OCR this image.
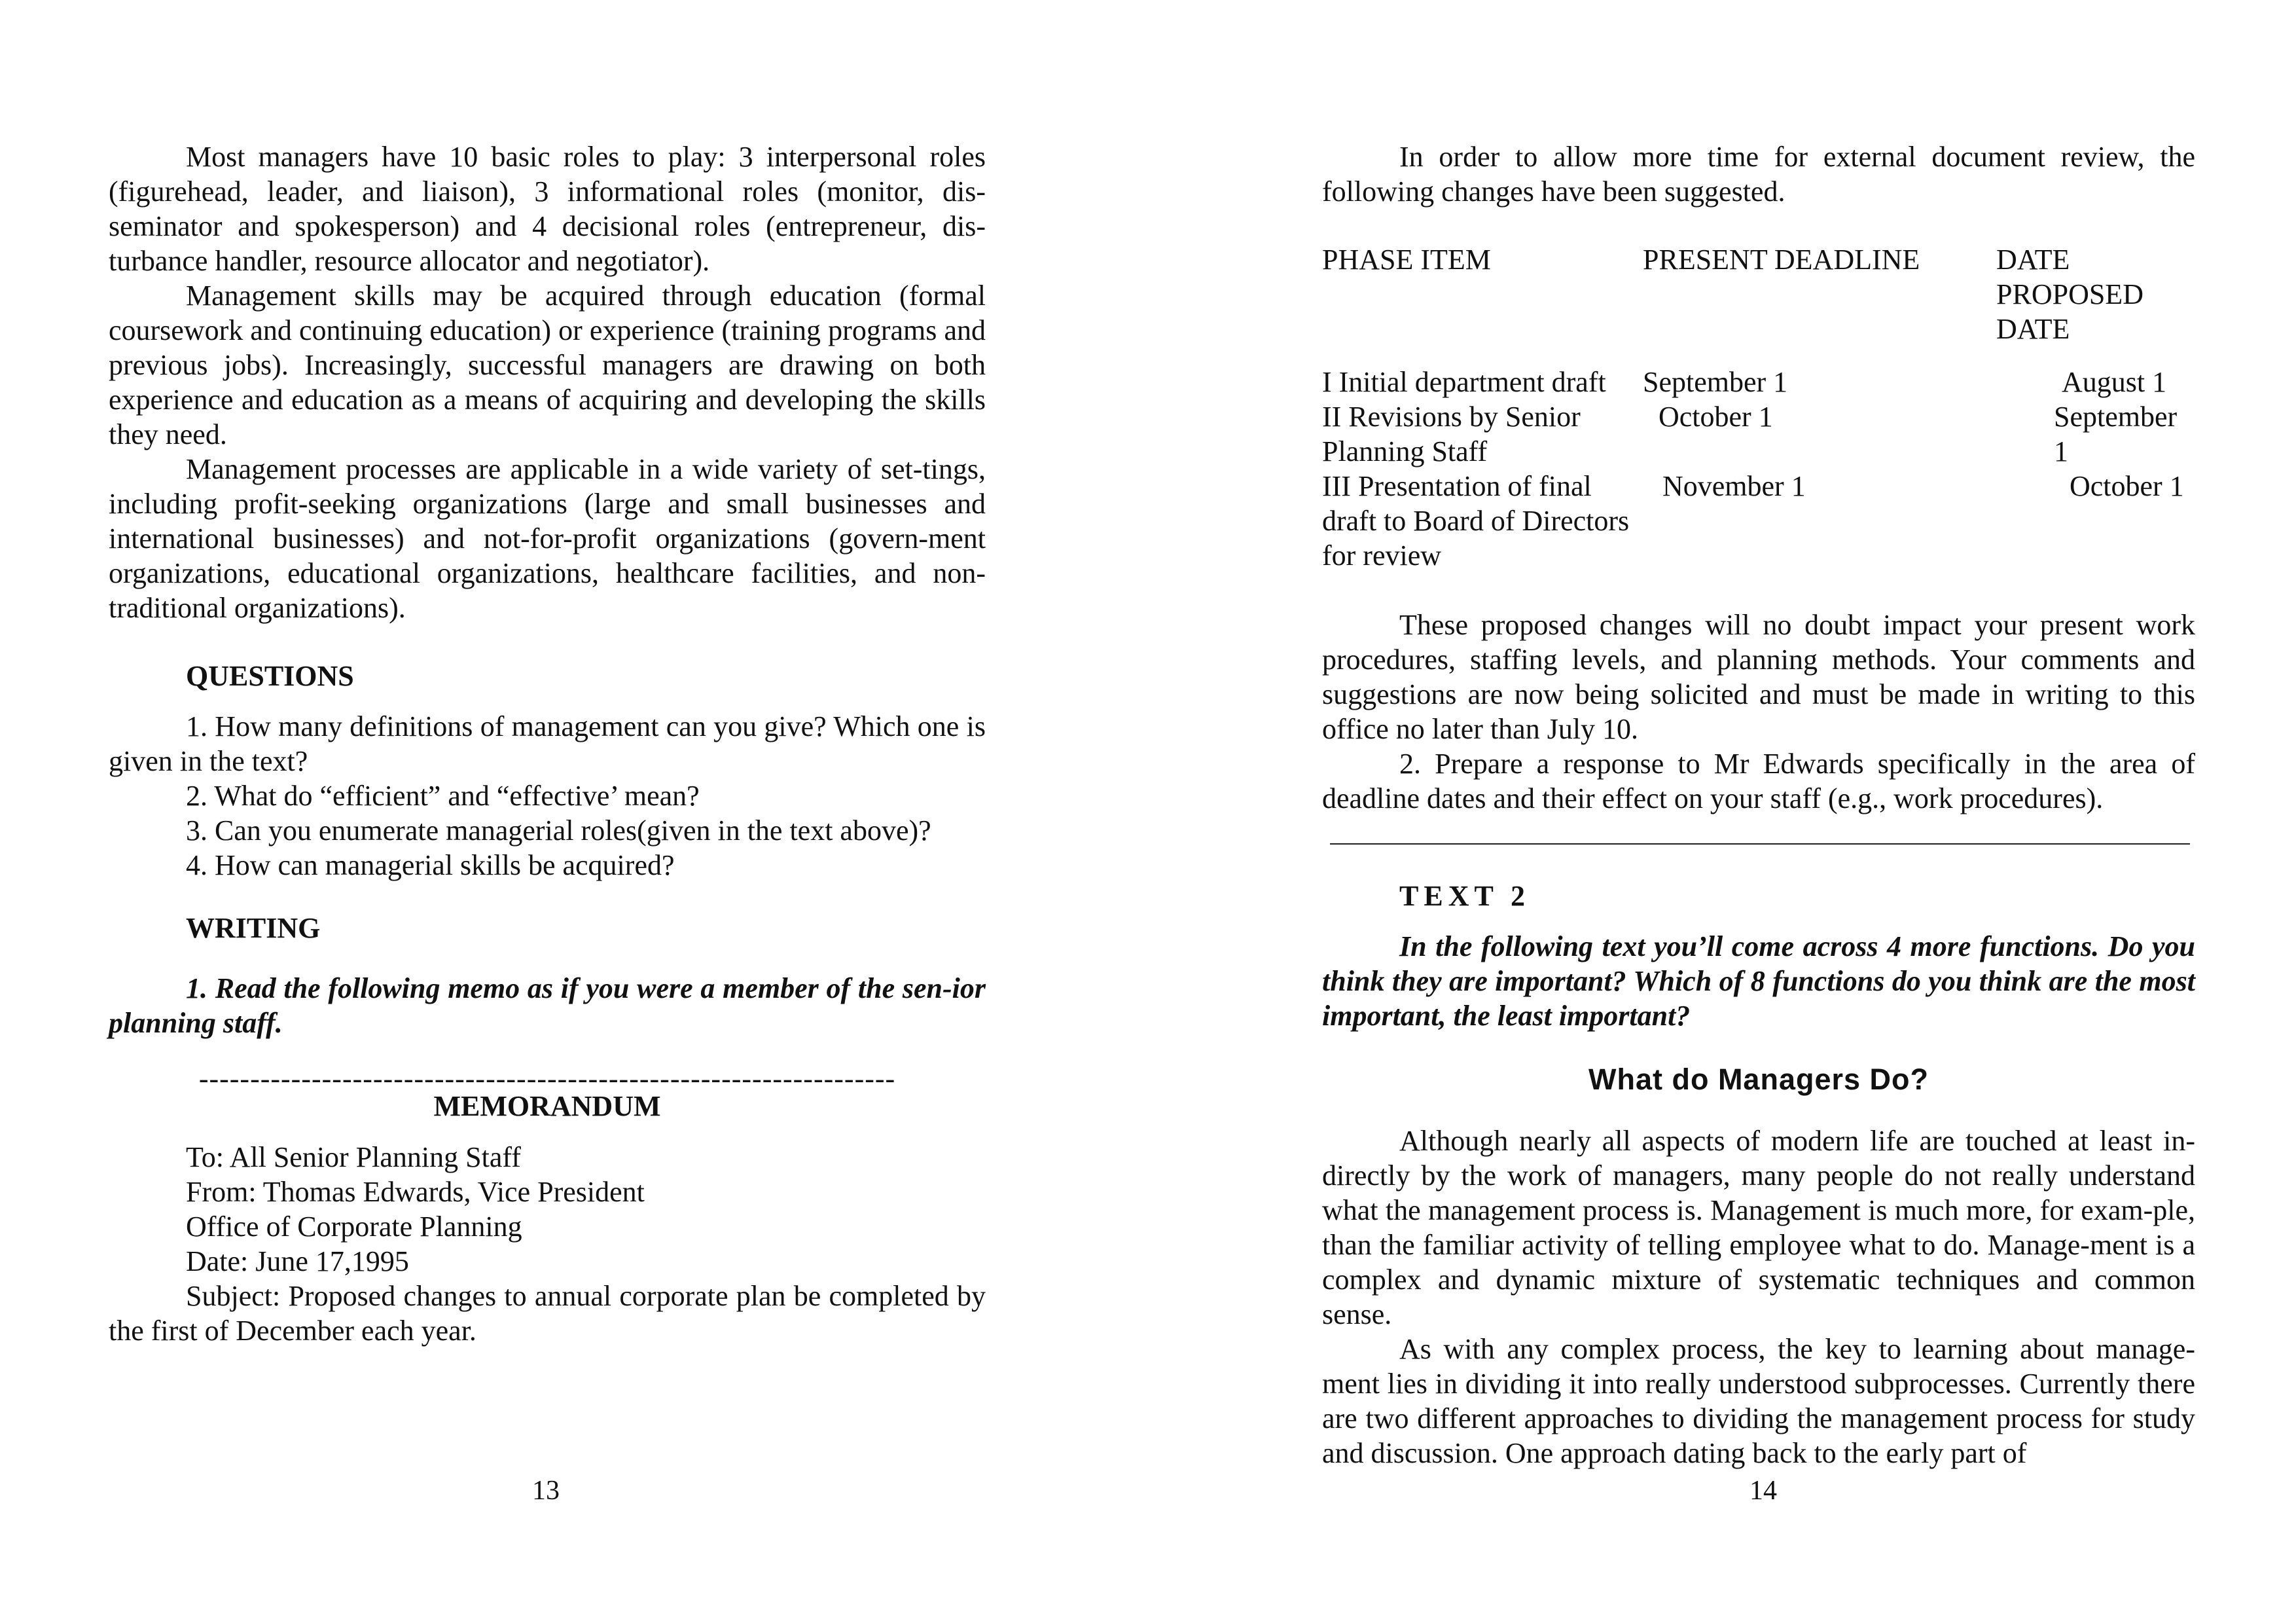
Most managers have 10 basic roles to play: 3 interpersonal roles (figurehead, leader, and liaison), 3 informational roles (monitor, dis-seminator and spokesperson) and 4 decisional roles (entrepreneur, dis-turbance handler, resource allocator and negotiator).

Management skills may be acquired through education (formal coursework and continuing education) or experience (training programs and previous jobs). Increasingly, successful managers are drawing on both experience and education as a means of acquiring and developing the skills they need.

Management processes are applicable in a wide variety of set-tings, including profit-seeking organizations (large and small businesses and international businesses) and not-for-profit organizations (govern-ment organizations, educational organizations, healthcare facilities, and non-traditional organizations).

QUESTIONS

1. How many definitions of management can you give? Which one is given in the text?

2. What do “efficient” and “effective’ mean?

3. Can you enumerate managerial roles(given in the text above)?

4. How can managerial skills be acquired?

WRITING

1. Read the following memo as if you were a member of the sen-ior planning staff.

--------------------------------------------------------------------

MEMORANDUM

To: All Senior Planning Staff

From: Thomas Edwards, Vice President

Office of Corporate Planning

Date: June 17,1995

Subject: Proposed changes to annual corporate plan be completed by the first of December each year.

13

In order to allow more time for external document review, the following changes have been suggested.

PHASE ITEM	PRESENT DEADLINE	DATE PROPOSED DATE
I Initial department draft	September 1	August 1
II Revisions by Senior Planning Staff	October 1	September 1
III Presentation of final draft to Board of Directors for review	November 1	October 1

These proposed changes will no doubt impact your present work procedures, staffing levels, and planning methods. Your comments and suggestions are now being solicited and must be made in writing to this office no later than July 10.

2. Prepare a response to Mr Edwards specifically in the area of deadline dates and their effect on your staff (e.g., work procedures).

TEXT 2

In the following text you’ll come across 4 more functions. Do you think they are important? Which of 8 functions do you think are the most important, the least important?

What do Managers Do?

Although nearly all aspects of modern life are touched at least in-directly by the work of managers, many people do not really understand what the management process is. Management is much more, for exam-ple, than the familiar activity of telling employee what to do. Manage-ment is a complex and dynamic mixture of systematic techniques and common sense.

As with any complex process, the key to learning about manage-ment lies in dividing it into really understood subprocesses. Currently there are two different approaches to dividing the management process for study and discussion. One approach dating back to the early part of

14
